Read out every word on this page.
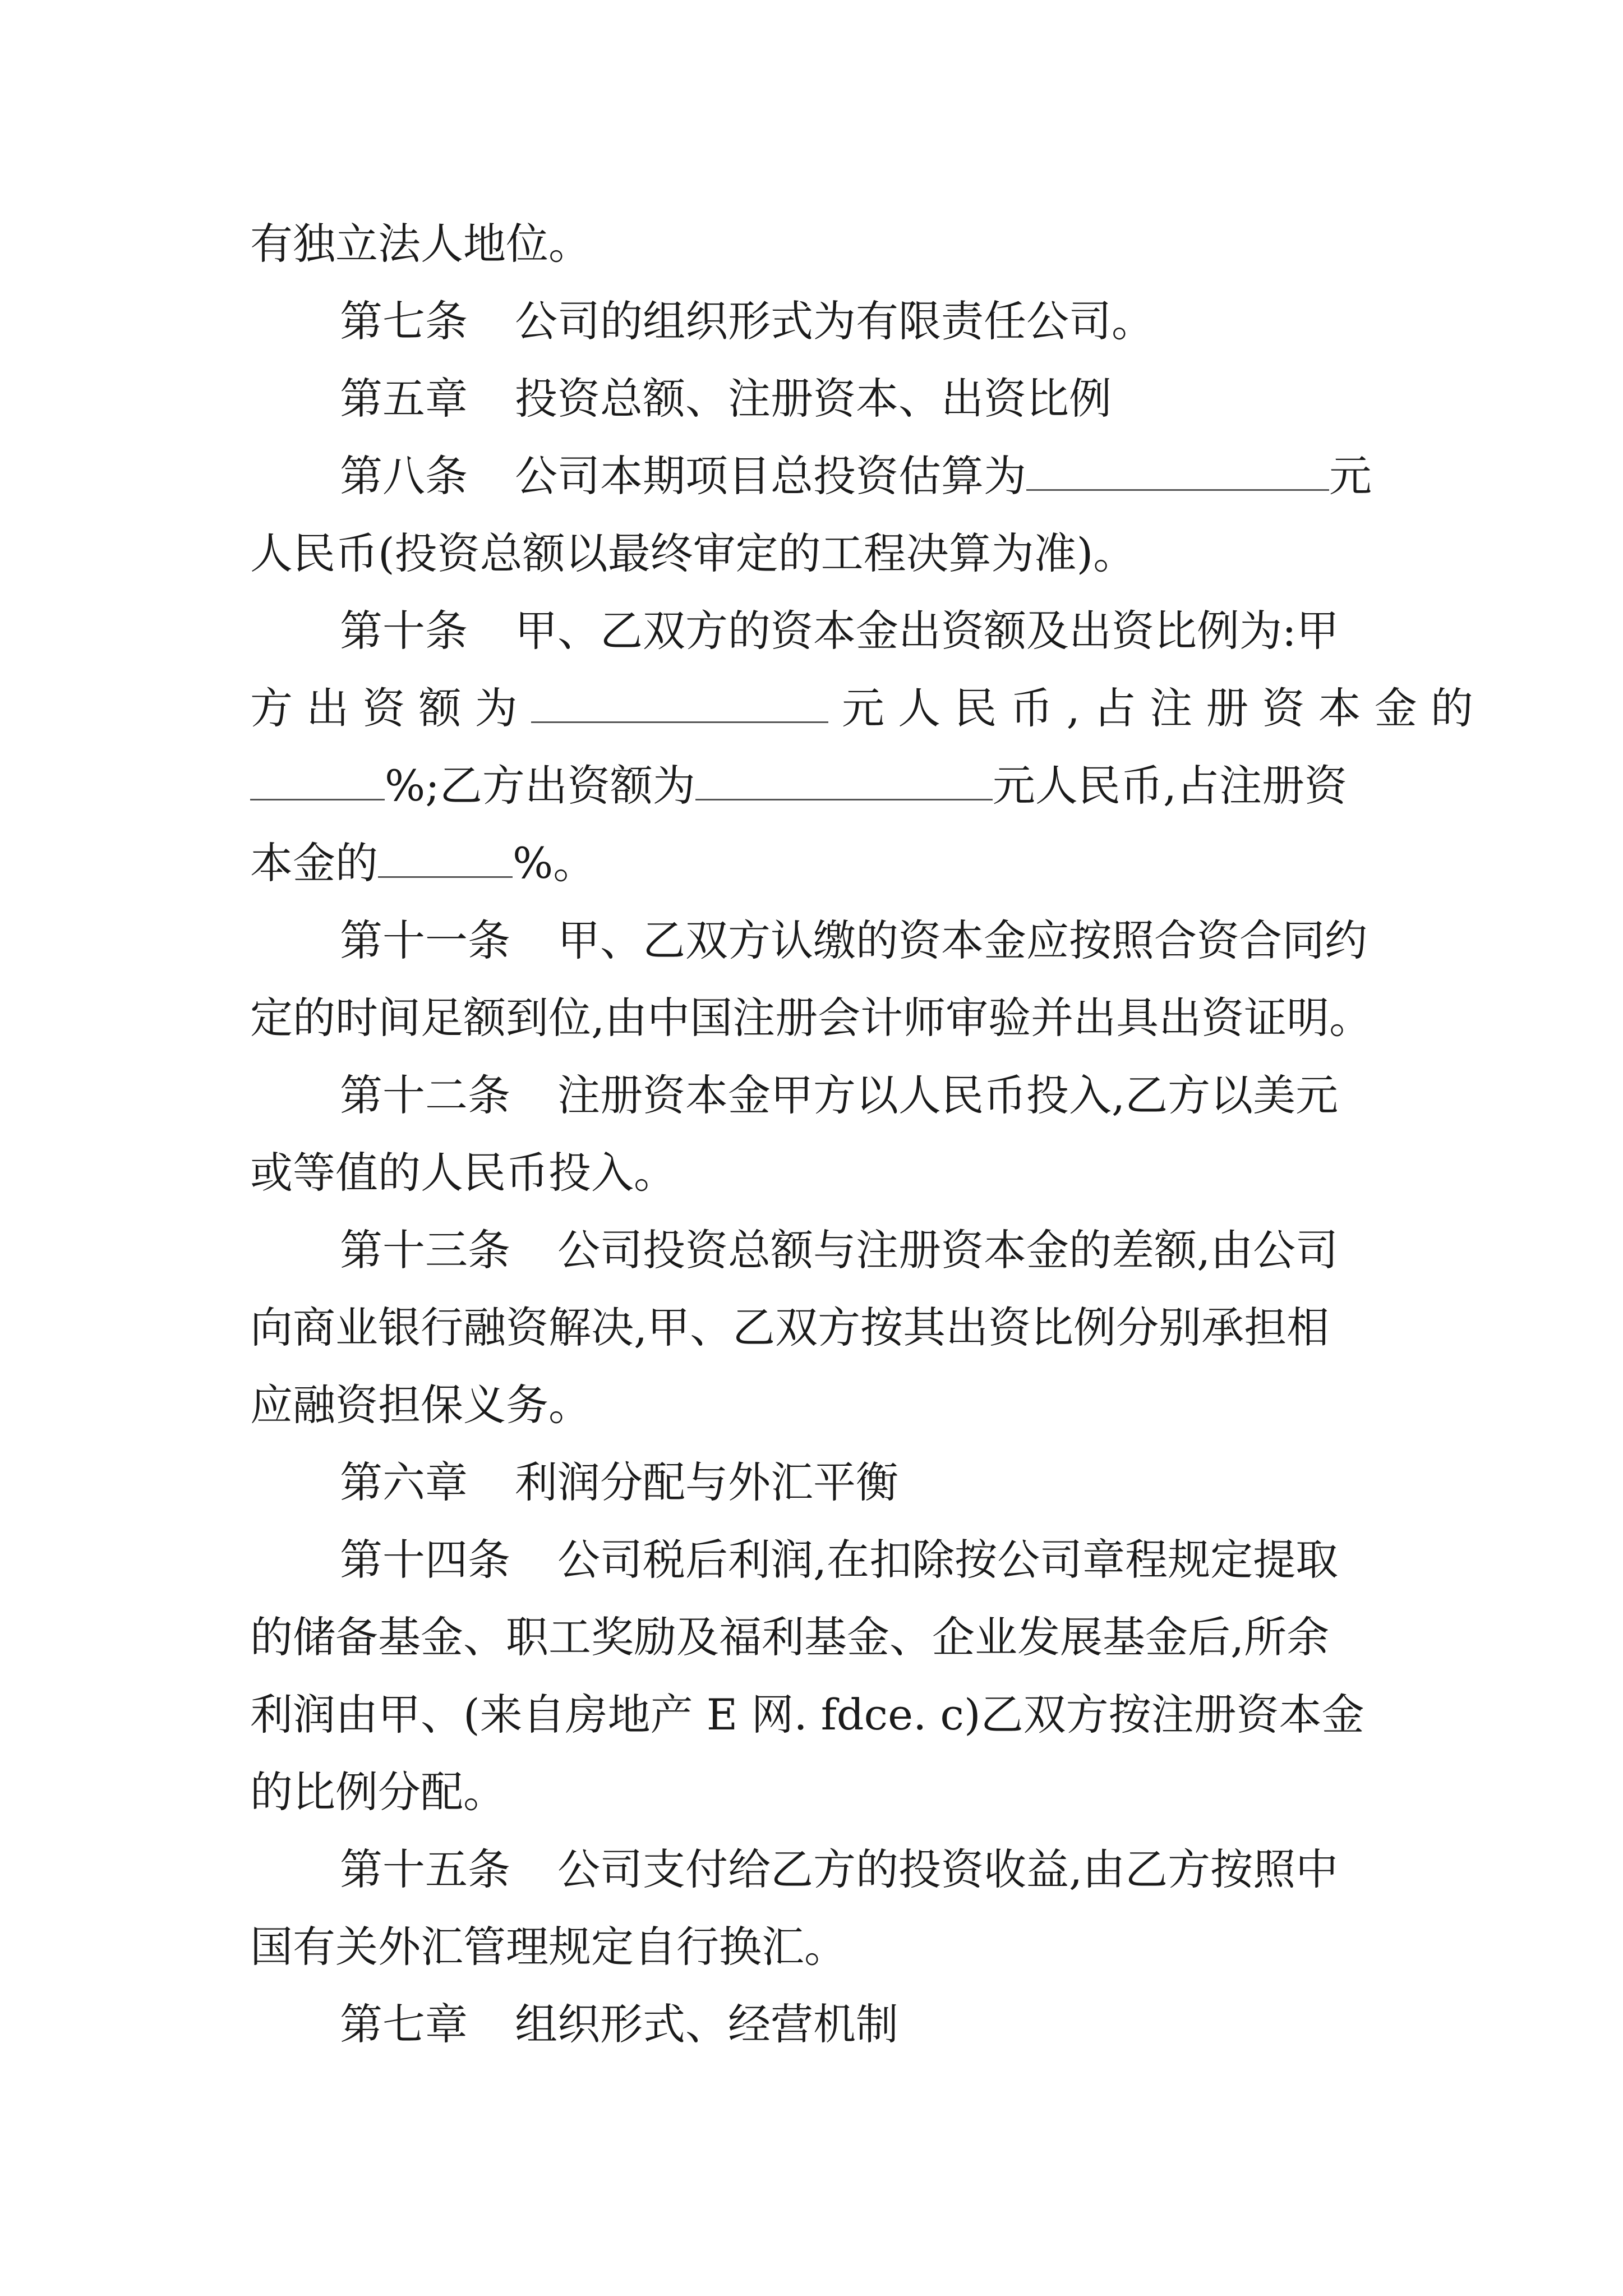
有独立法人地位。
第七条 公司的组织形式为有限责任公司。
第五章 投资总额、注册资本、出资比例
第八条 公司本期项目总投资估算为	元
人民币(投资总额以最终审定的工程决算为准)。
第十条 甲、乙双方的资本金出资额及出资比例为:甲
方 出 资 额 为	元 人 民 币 , 占 注 册 资 本 金 的
%;乙方出资额为	元人民币,占注册资
本金的	%。
第十一条 甲、乙双方认缴的资本金应按照合资合同约
定的时间足额到位,由中国注册会计师审验并出具出资证明。
第十二条 注册资本金甲方以人民币投入,乙方以美元
或等值的人民币投入。
第十三条 公司投资总额与注册资本金的差额,由公司
向商业银行融资解决,甲、乙双方按其出资比例分别承担相
应融资担保义务。
第六章 利润分配与外汇平衡
第十四条 公司税后利润,在扣除按公司章程规定提取
的储备基金、职工奖励及福利基金、企业发展基金后,所余
利润由甲、(来自房地产 E 网. fdce. c)乙双方按注册资本金
的比例分配。
第十五条 公司支付给乙方的投资收益,由乙方按照中
国有关外汇管理规定自行换汇。
第七章 组织形式、经营机制
